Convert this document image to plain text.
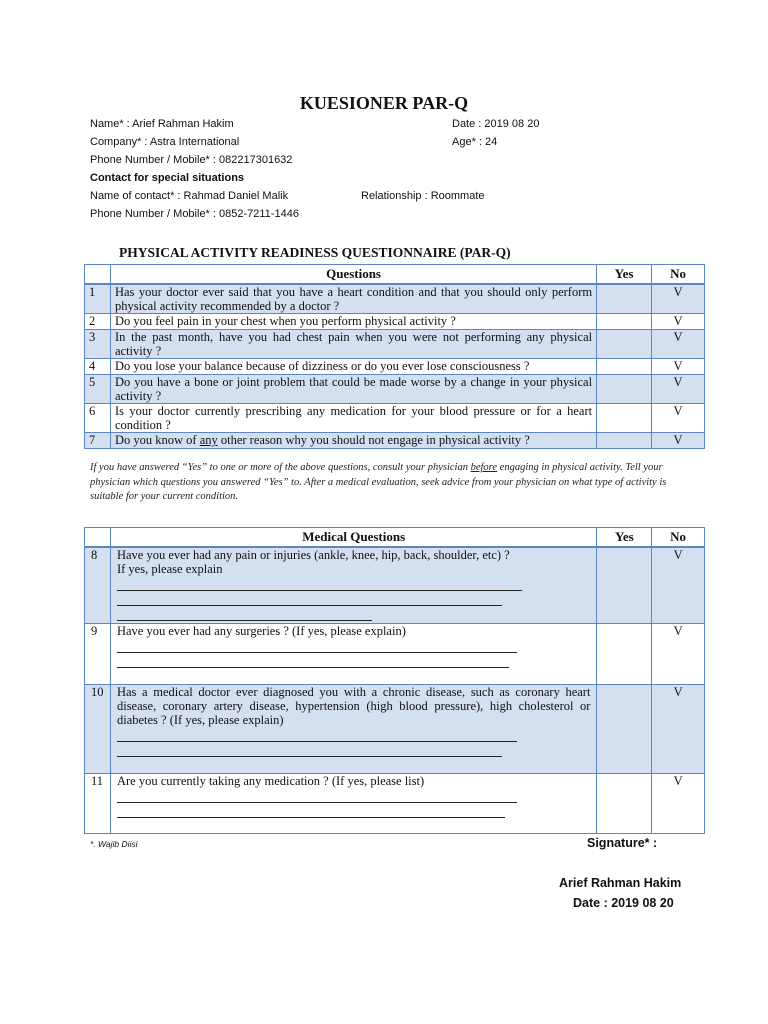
KUESIONER PAR-Q
Name* : Arief Rahman Hakim	Date : 2019 08 20
Company* : Astra International	Age* : 24
Phone Number / Mobile* : 082217301632
Contact for special situations
Name of contact* : Rahmad Daniel Malik	Relationship : Roommate
Phone Number / Mobile* : 0852-7211-1446
PHYSICAL ACTIVITY READINESS QUESTIONNAIRE (PAR-Q)
	Questions	Yes	No
1	Has your doctor ever said that you have a heart condition and that you should only perform physical activity recommended by a doctor ?		V
2	Do you feel pain in your chest when you perform physical activity ?		V
3	In the past month, have you had chest pain when you were not performing any physical activity ?		V
4	Do you lose your balance because of dizziness or do you ever lose consciousness ?		V
5	Do you have a bone or joint problem that could be made worse by a change in your physical activity ?		V
6	Is your doctor currently prescribing any medication for your blood pressure or for a heart condition ?		V
7	Do you know of any other reason why you should not engage in physical activity ?		V
If you have answered “Yes” to one or more of the above questions, consult your physician before engaging in physical activity. Tell your physician which questions you answered “Yes” to. After a medical evaluation, seek advice from your physician on what type of activity is suitable for your current condition.
	Medical Questions	Yes	No
8	Have you ever had any pain or injuries (ankle, knee, hip, back, shoulder, etc) ?
If yes, please explain		V
9	Have you ever had any surgeries ? (If yes, please explain)		V
10	Has a medical doctor ever diagnosed you with a chronic disease, such as coronary heart disease, coronary artery disease, hypertension (high blood pressure), high cholesterol or diabetes ? (If yes, please explain)		V
11	Are you currently taking any medication ? (If yes, please list)		V
*. Wajib Diisi	Signature* :
Arief Rahman Hakim
Date : 2019 08 20
